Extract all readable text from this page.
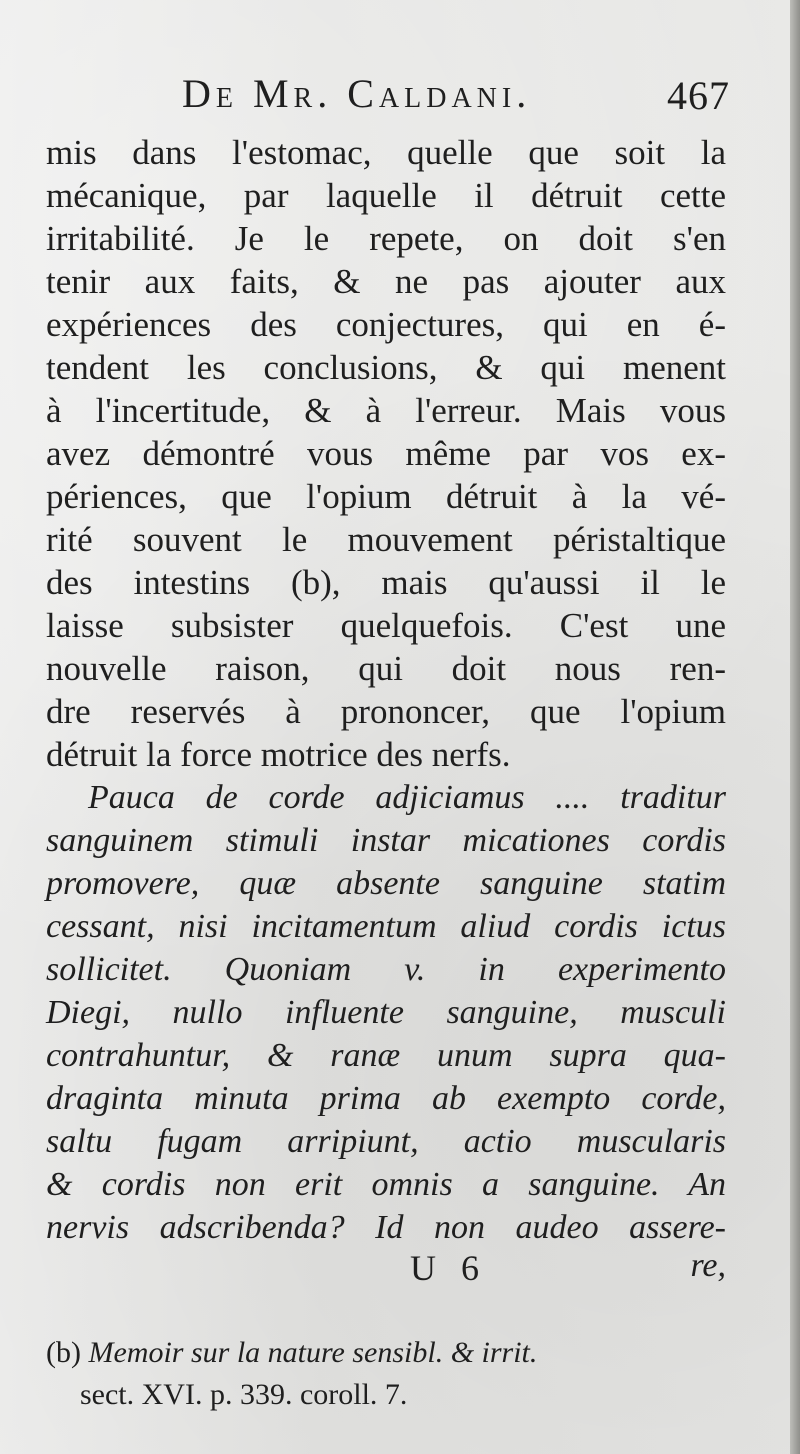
De Mr. Caldani.	467
mis dans l'estomac, quelle que soit la
mécanique, par laquelle il détruit cette
irritabilité. Je le repete, on doit s'en
tenir aux faits, & ne pas ajouter aux
expériences des conjectures, qui en é-
tendent les conclusions, & qui menent
à l'incertitude, & à l'erreur. Mais vous
avez démontré vous même par vos ex-
périences, que l'opium détruit à la vé-
rité souvent le mouvement péristaltique
des intestins (b), mais qu'aussi il le
laisse subsister quelquefois. C'est une
nouvelle raison, qui doit nous ren-
dre reservés à prononcer, que l'opium
détruit la force motrice des nerfs.
Pauca de corde adjiciamus .... traditur
sanguinem stimuli instar micationes cordis
promovere, quæ absente sanguine statim
cessant, nisi incitamentum aliud cordis ictus
sollicitet. Quoniam v. in experimento
Diegi, nullo influente sanguine, musculi
contrahuntur, & ranæ unum supra qua-
draginta minuta prima ab exempto corde,
saltu fugam arripiunt, actio muscularis
& cordis non erit omnis a sanguine. An
nervis adscribenda? Id non audeo assere-
U 6	re,
(b) Memoir sur la nature sensibl. & irrit.
sect. XVI. p. 339. coroll. 7.
